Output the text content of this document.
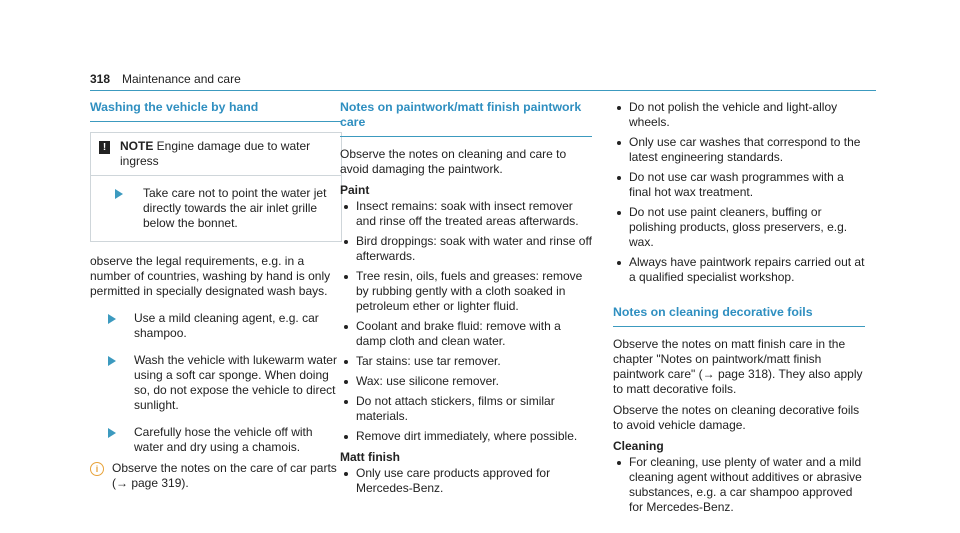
318 Maintenance and care
Washing the vehicle by hand
!	NOTE Engine damage due to water ingress
Take care not to point the water jet directly towards the air inlet grille below the bonnet.

observe the legal requirements, e.g. in a number of countries, washing by hand is only permitted in specially designated wash bays.

Use a mild cleaning agent, e.g. car shampoo.
Wash the vehicle with lukewarm water using a soft car sponge. When doing so, do not expose the vehicle to direct sunlight.
Carefully hose the vehicle off with water and dry using a chamois.
i	Observe the notes on the care of car parts (→ page 319).
Notes on paintwork/matt finish paintwork care

Observe the notes on cleaning and care to avoid damaging the paintwork.

Paint
Insect remains: soak with insect remover and rinse off the treated areas afterwards.
Bird droppings: soak with water and rinse off afterwards.
Tree resin, oils, fuels and greases: remove by rubbing gently with a cloth soaked in petroleum ether or lighter fluid.
Coolant and brake fluid: remove with a damp cloth and clean water.
Tar stains: use tar remover.
Wax: use silicone remover.
Do not attach stickers, films or similar materials.
Remove dirt immediately, where possible.
Matt finish
Only use care products approved for Mercedes-Benz.
Do not polish the vehicle and light-alloy wheels.
Only use car washes that correspond to the latest engineering standards.
Do not use car wash programmes with a final hot wax treatment.
Do not use paint cleaners, buffing or polishing products, gloss preservers, e.g. wax.
Always have paintwork repairs carried out at a qualified specialist workshop.
Notes on cleaning decorative foils

Observe the notes on matt finish care in the chapter "Notes on paintwork/matt finish paintwork care" (→ page 318). They also apply to matt decorative foils.

Observe the notes on cleaning decorative foils to avoid vehicle damage.

Cleaning
For cleaning, use plenty of water and a mild cleaning agent without additives or abrasive substances, e.g. a car shampoo approved for Mercedes-Benz.
